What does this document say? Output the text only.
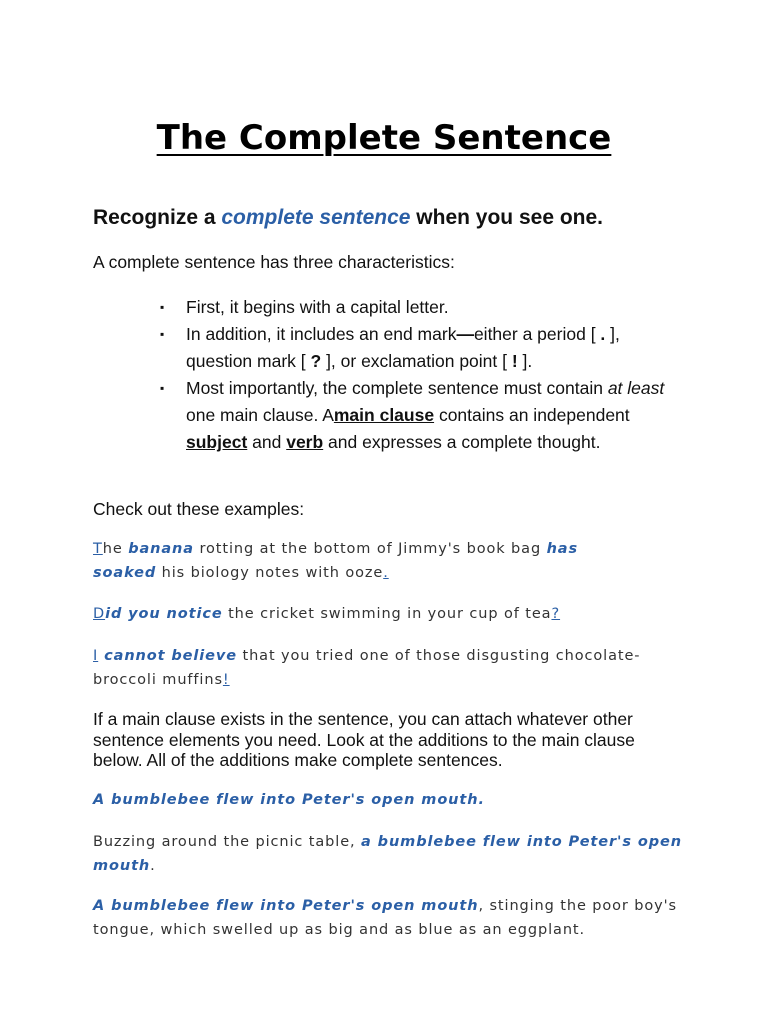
The Complete Sentence
Recognize a complete sentence when you see one.

A complete sentence has three characteristics:

▪ First, it begins with a capital letter.
▪ In addition, it includes an end mark—either a period [ . ],
question mark [ ? ], or exclamation point [ ! ].
▪ Most importantly, the complete sentence must contain at least one main clause. Amain clause contains an independent subject and verb and expresses a complete thought.

Check out these examples:

The banana rotting at the bottom of Jimmy's book bag has
soaked his biology notes with ooze.

Did you notice the cricket swimming in your cup of tea?

I cannot believe that you tried one of those disgusting chocolate-broccoli muffins!

If a main clause exists in the sentence, you can attach whatever other sentence elements you need. Look at the additions to the main clause below. All of the additions make complete sentences.

A bumblebee flew into Peter's open mouth.

Buzzing around the picnic table, a bumblebee flew into Peter's open mouth.

A bumblebee flew into Peter's open mouth, stinging the poor boy's tongue, which swelled up as big and as blue as an eggplant.
